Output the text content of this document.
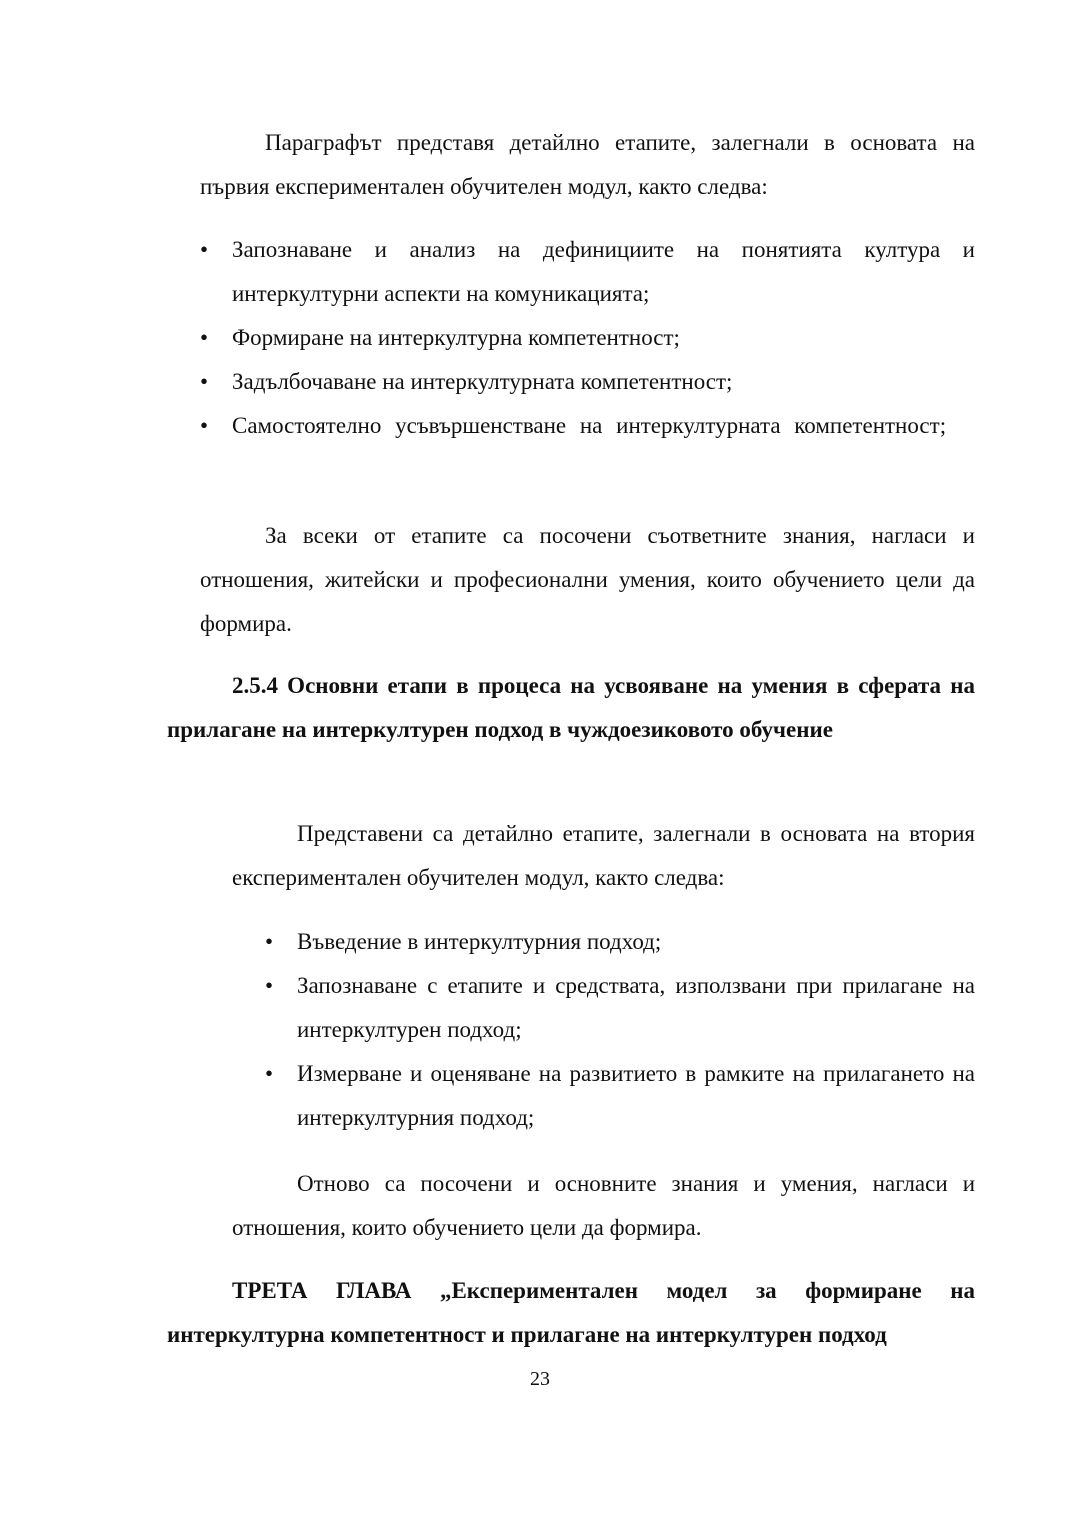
Параграфът представя детайлно етапите, залегнали в основата на първия експериментален обучителен модул, както следва:

• Запознаване и анализ на дефинициите на понятията култура и интеркултурни аспекти на комуникацията;
• Формиране на интеркултурна компетентност;
• Задълбочаване на интеркултурната компетентност;
• Самостоятелно усъвършенстване на интеркултурната компетентност;

За всеки от етапите са посочени съответните знания, нагласи и отношения, житейски и професионални умения, които обучението цели да формира.

2.5.4 Основни етапи в процеса на усвояване на умения в сферата на прилагане на интеркултурен подход в чуждоезиковото обучение

Представени са детайлно етапите, залегнали в основата на втория експериментален обучителен модул, както следва:

• Въведение в интеркултурния подход;
• Запознаване с етапите и средствата, използвани при прилагане на интеркултурен подход;
• Измерване и оценяване на развитието в рамките на прилагането на интеркултурния подход;

Отново са посочени и основните знания и умения, нагласи и отношения, които обучението цели да формира.

ТРЕТА ГЛАВА „Експериментален модел за формиране на интеркултурна компетентност и прилагане на интеркултурен подход

23
